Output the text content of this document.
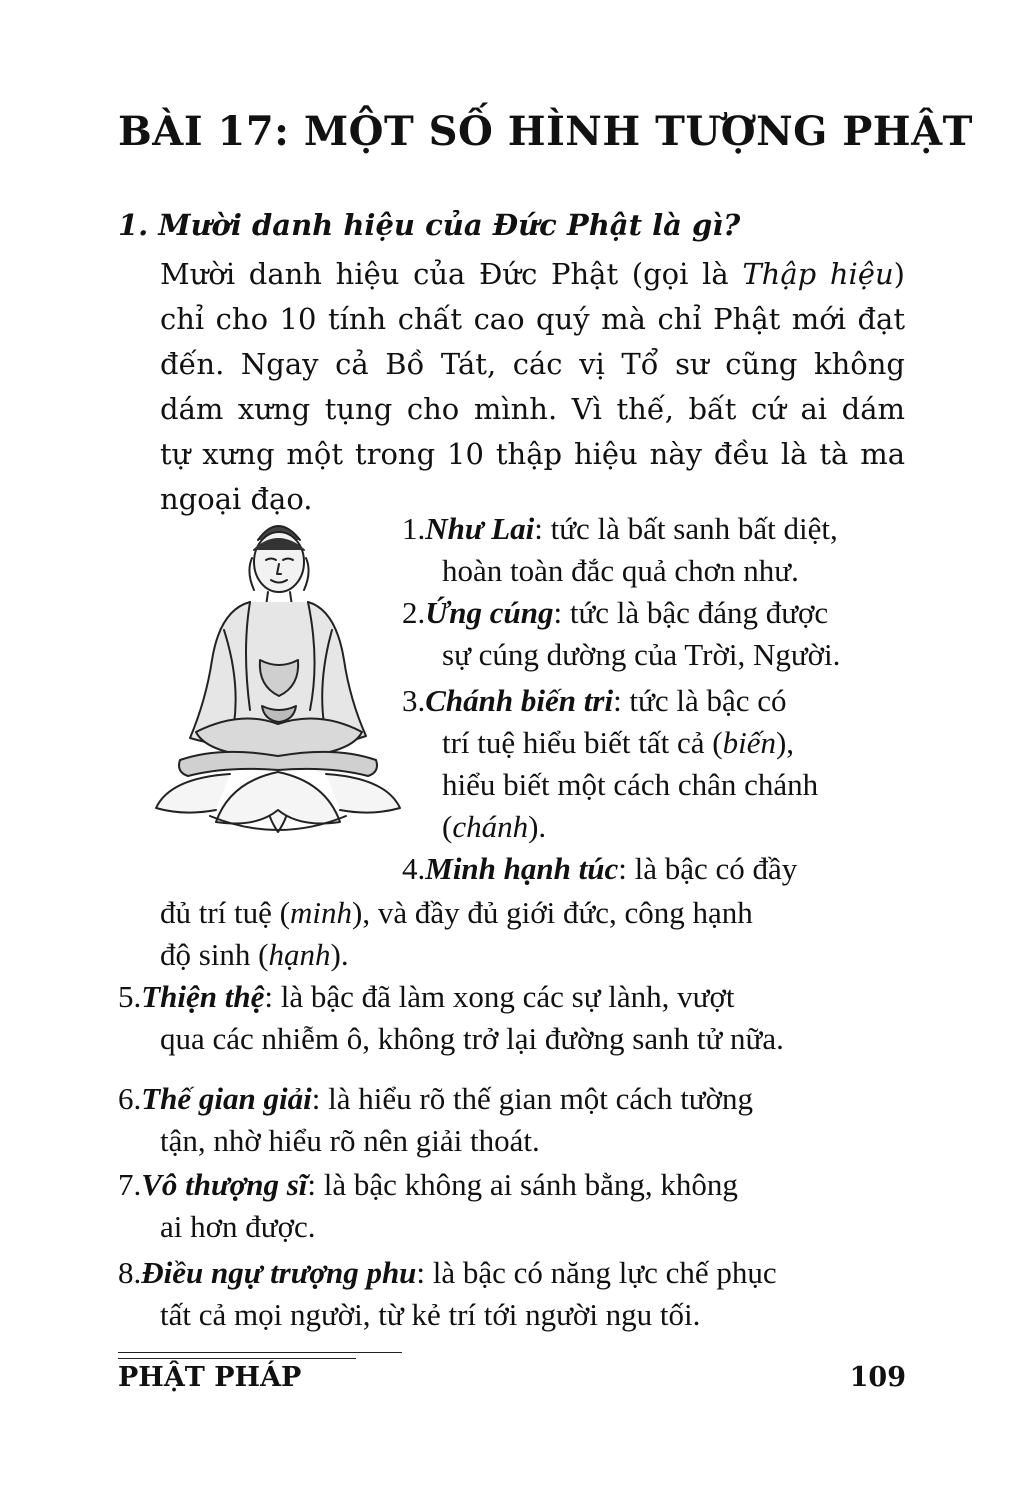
BÀI 17: MỘT SỐ HÌNH TƯỢNG PHẬT
1. Mười danh hiệu của Đức Phật là gì?
Mười danh hiệu của Đức Phật (gọi là Thập hiệu)
chỉ cho 10 tính chất cao quý mà chỉ Phật mới đạt
đến. Ngay cả Bồ Tát, các vị Tổ sư cũng không
dám xưng tụng cho mình. Vì thế, bất cứ ai dám
tự xưng một trong 10 thập hiệu này đều là tà ma
ngoại đạo.

1.Như Lai: tức là bất sanh bất diệt,

hoàn toàn đắc quả chơn như.

2.Ứng cúng: tức là bậc đáng được

sự cúng dường của Trời, Người.

3.Chánh biến tri: tức là bậc có

trí tuệ hiểu biết tất cả (biến),

hiểu biết một cách chân chánh

(chánh).

4.Minh hạnh túc: là bậc có đầy

đủ trí tuệ (minh), và đầy đủ giới đức, công hạnh

độ sinh (hạnh).

5.Thiện thệ: là bậc đã làm xong các sự lành, vượt

qua các nhiễm ô, không trở lại đường sanh tử nữa.

6.Thế gian giải: là hiểu rõ thế gian một cách tường

tận, nhờ hiểu rõ nên giải thoát.

7.Vô thượng sĩ: là bậc không ai sánh bằng, không

ai hơn được.

8.Điều ngự trượng phu: là bậc có năng lực chế phục

tất cả mọi người, từ kẻ trí tới người ngu tối.

PHẬT PHÁP	109
